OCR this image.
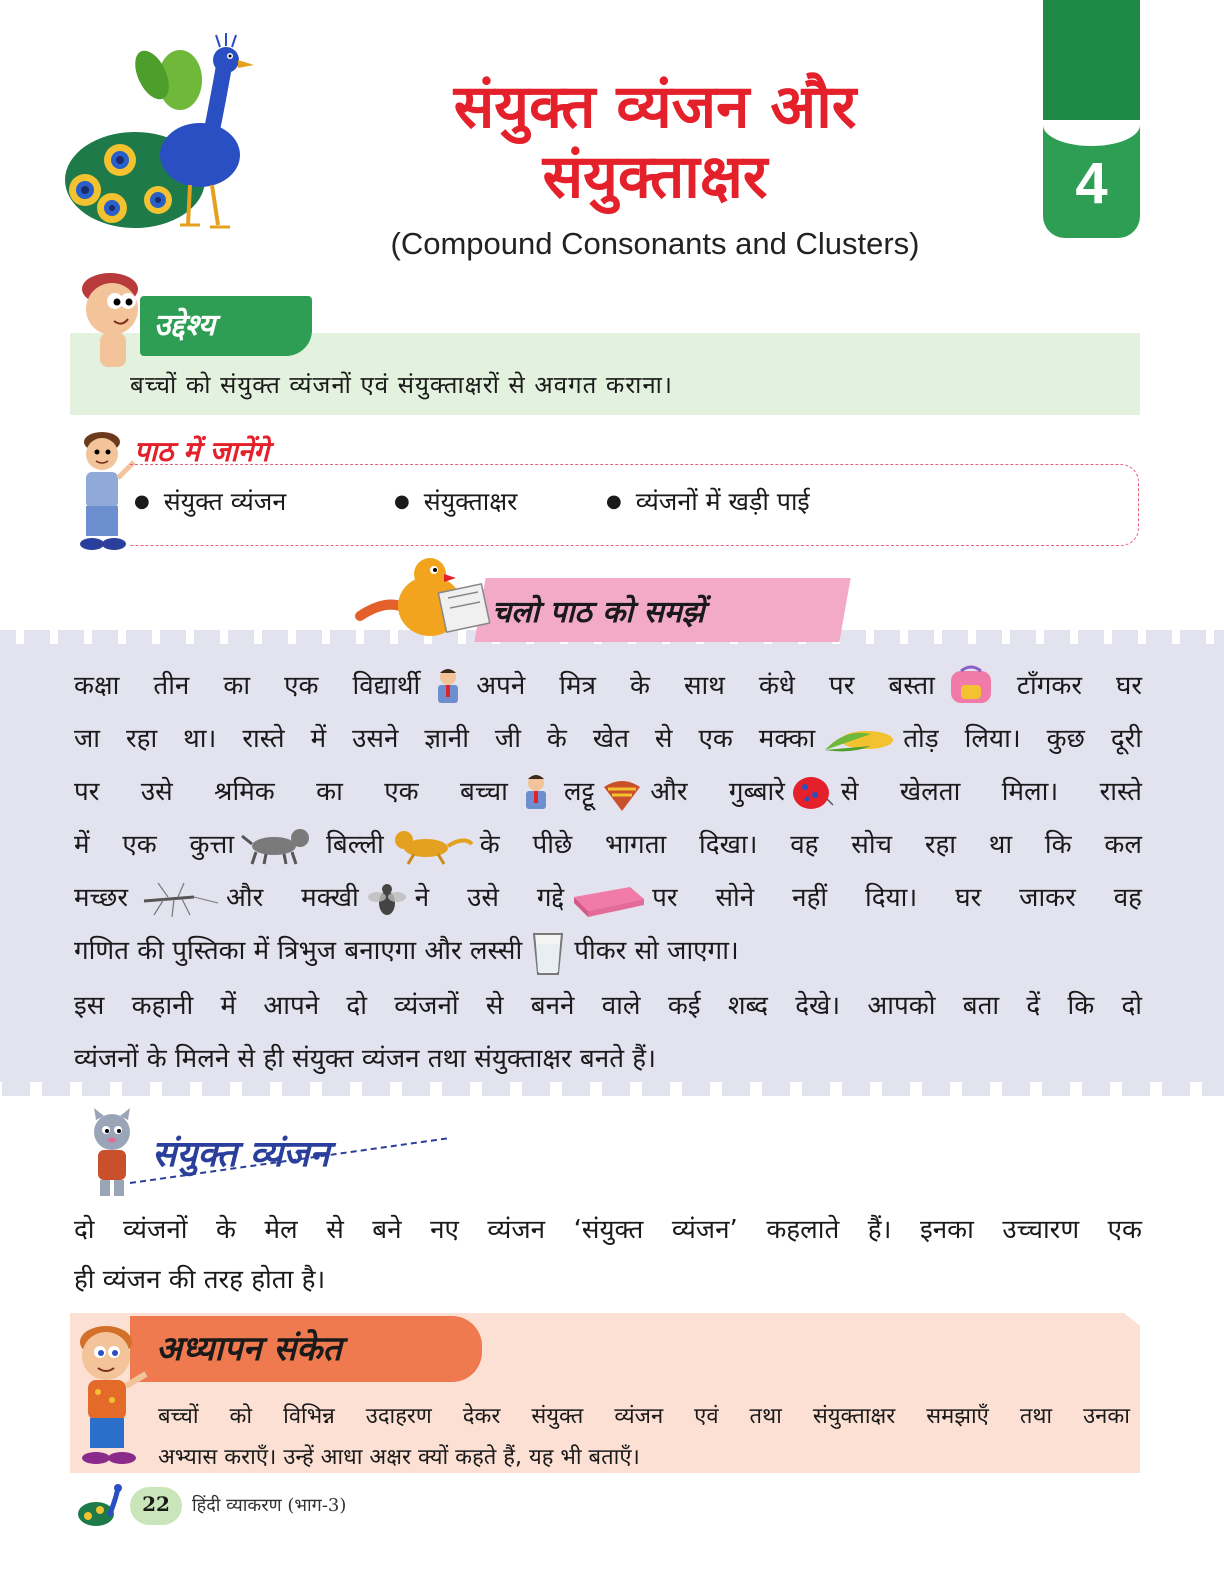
4
संयुक्त व्यंजन और
संयुक्ताक्षर
(Compound Consonants and Clusters)
उद्देश्य
बच्चों को संयुक्त व्यंजनों एवं संयुक्ताक्षरों से अवगत कराना।
पाठ में जानेंगे
● संयुक्त व्यंजन	● संयुक्ताक्षर	● व्यंजनों में खड़ी पाई
चलो पाठ को समझें
कक्षा तीन का एक विद्यार्थी अपने मित्र के साथ कंधे पर बस्ता	टाँगकर घर
जा रहा था। रास्ते में उसने ज्ञानी जी के खेत से एक मक्का	तोड़ लिया। कुछ दूरी
पर उसे श्रमिक का एक बच्चा लट्टू और गुब्बारे से खेलता मिला। रास्ते
में एक कुत्ता	बिल्ली	के पीछे भागता दिखा। वह सोच रहा था कि कल
मच्छर	और मक्खी ने उसे गद्दे	पर सोने नहीं दिया। घर जाकर वह
गणित की पुस्तिका में त्रिभुज बनाएगा और लस्सी पीकर सो जाएगा।
इस कहानी में आपने दो व्यंजनों से बनने वाले कई शब्द देखे। आपको बता दें कि दो
व्यंजनों के मिलने से ही संयुक्त व्यंजन तथा संयुक्ताक्षर बनते हैं।
संयुक्त व्यंजन
दो व्यंजनों के मेल से बने नए व्यंजन ‘संयुक्त व्यंजन’ कहलाते हैं। इनका उच्चारण एक
ही व्यंजन की तरह होता है।
अध्यापन संकेत
बच्चों को विभिन्न उदाहरण देकर संयुक्त व्यंजन एवं तथा संयुक्ताक्षर समझाएँ तथा उनका
अभ्यास कराएँ। उन्हें आधा अक्षर क्यों कहते हैं, यह भी बताएँ।
22	हिंदी व्याकरण (भाग-3)
